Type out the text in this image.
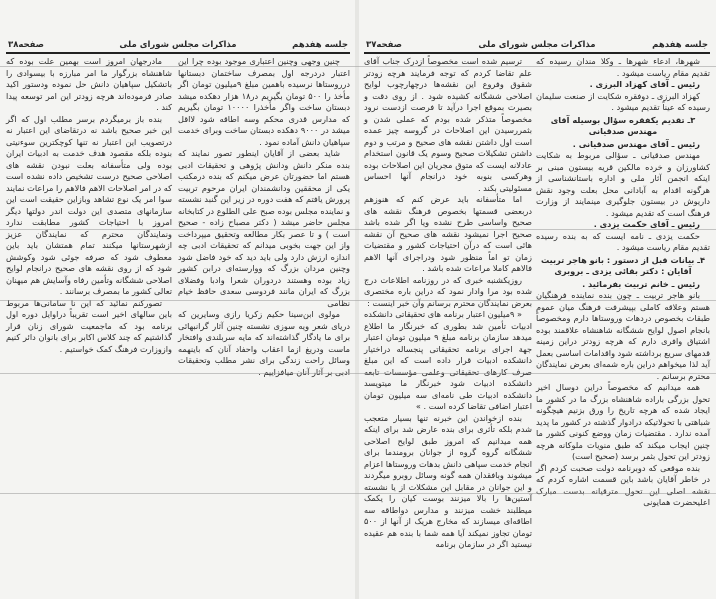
جلسه هفدهم
مذاکرات مجلس شورای ملی
صفحه۳۸

چنین وجهی وچنین اعتباری موجود بوده چرا این اعتبار دردرجه اول بمصرف ساختمان دبستانها درروستاها نرسیده باهمین مبلغ ۹میلیون تومان اگر مأخذ را ۵۰۰ تومان بگیریم در۱۸ هزار دهکده میشد دبستان ساخت واگر مأخذرا ۱۰۰۰۰ تومان بگیریم که مدارس قدری محکم وسه اطاقه شود لااقل میشد در ۹۰۰۰ دهکده دبستان ساخت وبرای خدمت سپاهیان دانش آماده نمود .

شاید بعضی از آقایان اینطور تصور نمایند که بنده منکر دانش ودانش پژوهی و تحقیقات ادبی هستم اما حضورتان عرض میکنم که بنده درمکتب یکی از محققین ودانشمندان ایران مرحوم تربیت پرورش یافتم که هفت دوره در زیر این گنبد نشسته و نماینده مجلس بوده صبح علی الطلوع در کتابخانه مجلس حاضر میشد ( دکتر مصباح زاده - صحیح است ) و تا عصر بکار مطالعه وتحقیق میپرداخت واز این جهت بخوبی میدانم که تحقیقات ادبی چه اندازه ارزش دارد ولی باید دید که خود فاضل شود وچنین مردان بزرگ که ووارسته‌ای درابن کشور زیاد بوده وهستند دردوران شعرا وادبا وفضلای بزرگ که ایران مانند فردوسی سعدی حافظ خیام نظامی

مولوی ابن‌سینا حکیم زکریا رازی وسایرین که دریای شعر ویه سوزی نشسته چنین آثار گرانبهائی برای ما یادگار گذاشته‌اند که مایه سربلندی وافتخار ماست ودریغ ازما اعقاب واحفاد آنان که باینهمه وسائل راحت زندگی برای نشر مطلب وتحقیقات ادبی بر آثار آنان میافزاییم .

مادرجهان امروز است بهمین علت بوده که شاهنشاه بزرگوار ما امر مبارزه با بیسوادی را باتشکیل سپاهیان دانش حل نموده ودستور اکید صادر فرموده‌اند هرچه زودتر این امر توسعه پیدا کند .

بنده باز برمیگردم برسر مطلب اول که اگر این خبر صحیح باشد نه درتقاضای این اعتبار نه درتصویب این اعتبار نه تنها کوچکترین سوءنیتی بنوده بلکه مقصود هدف خدمت به ادبیات ایران بوده ولی متأسفانه بعلت نبودن نقشه های اصلاحی صحیح درست تشخیص داده نشده است که در امر اصلاحات الاهم فالاهم را مراعات نمایند سوا امر یک نوع تشاهد وبازاین حقیقت است این سازمانهای متصدی این دولت اندر دولتها دیگر امروز با احتیاجات کشور مطابقت ندارد ونمایندگان محترم که نمایندگان عزیز ازشهرستانها میکنند تمام همتشان باید باین معطوف شود که صرفه جوئی شود وکوشش شود که از روی نقشه های صحیح درانجام لوایح اصلاحی ششگانه وتأمین رفاه وآسایش هم میهنان تعالی کشور ما بمصرف برسانند .

تصورکنم نمائید که این نا سامانی‌ها مربوط باین سالهای اخیر است تقریباً دراوایل دوره اول برنامه بود که ماجمعیت شورای زنان قرار گذاشتیم که چند کلاس اکابر برای بانوان دائر کنیم وازوزارت فرهنگ کمک خواستیم .

جلسه هفدهم
مذاکرات مجلس شورای ملی
صفحه۳۷

شهرها، ادعاء شهرها ـ وکلا مندان رسیده که تقدیم مقام ریاست میشود .

رئیس ـ آقای کهزاد البرزی .

کهزاد البرزی ـ دوفقره شکایت از صنعت سلیمان رسیده که عیناً تقدیم میشود .

۳ـ تقدیم یکفقره سؤال بوسیله آقای مهندس صدقیانی

رئیس ـ آقای مهندس صدقیانی .

مهندس صدقیانی ـ سؤالی مربوط به شکایت کشاورزان و خرده مالکین قریه بیستون مبنی بر اینکه انجمن آثار ملی و اداره باستانشناسی از هرگونه اقدام به آبادانی محل بعلت وجود نقش داریوش در بیستون جلوگیری مینمایند از وزارت فرهنگ است که تقدیم میشود .

رئیس ـ آقای حکمت یزدی .

حکمت یزدی ـ نامه ایست که به بنده رسیده تقدیم مقام ریاست میشود .

۴ـ بیانات قبل از دستور : بانو هاجر تربیت آقایان : دکتر بقائی یزدی ـ بروبری

رئیس ـ خانم تربیت بفرمائید .

بانو هاجر تربیت ـ چون بنده نماینده فرهنگیان هستم وعلاقه کاملی بپیشرفت فرهنگ میان عموم طبقات بخصوص دردهات وروستاها دارم ومخصوصاً بانجام اصول لوایح ششگانه شاهنشاه علاقمند بوده اشتیاق وافری دارم که هرچه زودتر دراین زمینه قدمهای سریع برداشته شود واقدامات اساسی بعمل آید لذا میخواهم دراین باره شمه‌ای بعرض نمایندگان محترم برسانم .

همه میدانیم که مخصوصاً دراین دوسال اخیر تحول بزرگی باراده شاهنشاه بزرگ ما در کشور ما ایجاد شده که هرچه تاریخ را ورق بزنیم هیچگونه شباهتی با تحولاتیکه درادوار گذشته در کشور ما پدید آمده ندارد . مقتضیات زمان ووضع کنونی کشور ما چنین ایجاب میکند که طبق منویات ملوکانه هرچه زودتر این تحول بثمر برسد (صحیح است)

بنده موقعی که دوبرنامه دولت صحبت کردم اگر در خاطر آقایان باشد باین قسمت اشاره کردم که نقشه اصلی این تحول مترقیانه بدست مبارک اعلیحضرت همایونی

ترسیم شده است مخصوصاً ازدرک جناب آقای علم تقاضا کردم که توجه فرمایند هرچه زودتر شقوق وفروع این نقشه‌ها درچهارچوب لوایح اصلاحی ششگانه کشیده شود . از روی دقت و بصیرت بموقع اجرا درآید تا فرصت ازدست نرود مخصوصاً متذکر شده بودم که عملی شدن و بثمررسیدن این اصلاحات در گروسه چیز عمده است اول داشتن نقشه های صحیح و مرتب و دوم داشتن تشکیلات صحیح وسوم یک قانون استخدام عادلانه ایست که متوق مجریان این اصلاحات بوده وهرکسی بنوبه خود درانجام آنها احساس مسئولیتی بکند .

اما متأسفانه باید عرض کنم که هنوزهم دربعضی قسمتها بخصوص فرهنگ نقشه های صحیح واساسی طرح نشده ویا اگر شده باشد صحیح اجرا نمیشود نقشه های صحیح آن نقشه هائی است که درآن احتیاجات کشور و مقتضیات زمان تو اماً منظور شود ودراجرای آنها الاهم فالاهم کاملا مراعات شده باشد .

روزیکشنبه خبری که در روزنامه اطلاعات درج شده بود مرا وادار نمود که دراین باره مختصری بعرض نمایندگان محترم برسانم وآن خبر اینست :

« ۹میلیون اعتبار برنامه های تحقیقاتی دانشکده ادبیات تأمین شد بطوری که خبرنگار ما اطلاع میدهد سازمان برنامه مبلغ ۹ میلیون تومان اعتبار جهة اجرای برنامه تحقیقاتی پنجساله دراختیار دانشکده ادبیات قرار داده است که این مبلغ صرف کارهای تحقیقاتی وعلمی مؤسسات تابعه دانشکده ادبیات شود خبرنگار ما میتویسد دانشکده ادبیات طی نامه‌ای سه میلیون تومان اعتبار اضافی تقاضا کرده است . »

بنده ازخواندن این خبرنه تنها بسیار متعجب شدم بلکه تأثری برای بنده عارض شد برای اینکه همه میدانیم که امروز طبق لوایح اصلاحی ششگانه گروه گروه از جوانان برومندما برای انجام خدمت سپاهی دانش بدهات وروستاها اعزام میشوند وبافقدان همه گونه وسائل روبرو میگردند و این جوانان در مقابل این مشکلات از یا نشسته آستین‌ها را بالا میزنند بوست کیان را یکمک میطلبند خشت میزنند و مدارس دواطاقه سه اطاقه‌ای میسازند که مخارج هریک از آنها از ۵۰۰ تومان تجاوز نمیکند آیا همه شما با بنده هم عقیده نیستید اگر در سازمان برنامه
